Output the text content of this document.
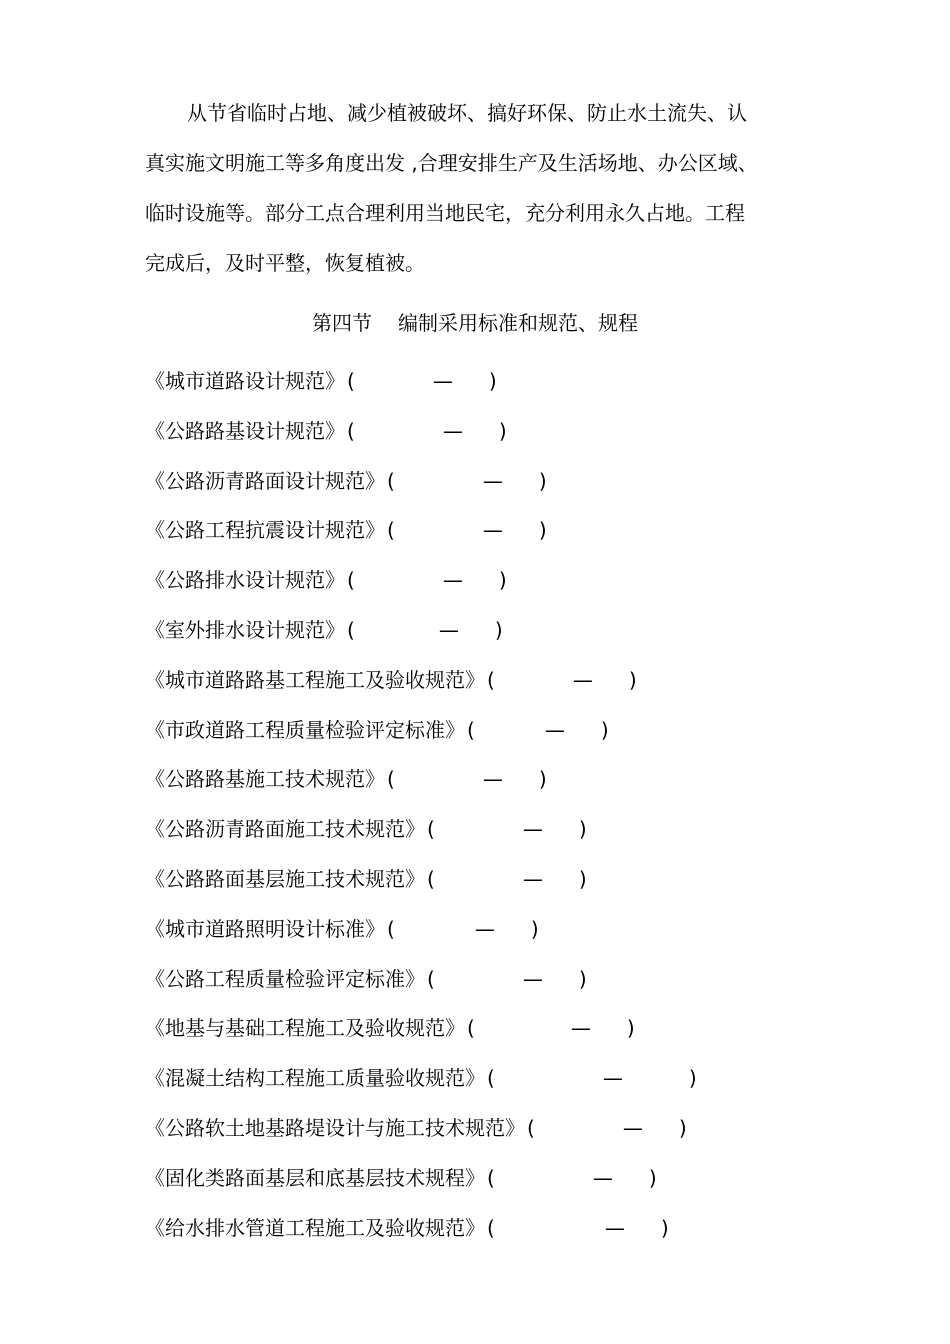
从节省临时占地、减少植被破坏、搞好环保、防止水土流失、认
真实施文明施工等多角度出发 ,合理安排生产及生活场地、办公区域、
临时设施等。部分工点合理利用当地民宅，充分利用永久占地。工程
完成后，及时平整，恢复植被。
第四节 编制采用标准和规范、规程
《城市道路设计规范》 (	— )
《公路路基设计规范》 (	— )
《公路沥青路面设计规范》 (	— )
《公路工程抗震设计规范》 (	— )
《公路排水设计规范》 (	— )
《室外排水设计规范》 (	— )
《城市道路路基工程施工及验收规范》 (	— )
《市政道路工程质量检验评定标准》 (	— )
《公路路基施工技术规范》 (	— )
《公路沥青路面施工技术规范》 (	— )
《公路路面基层施工技术规范》 (	— )
《城市道路照明设计标准》 (	— )
《公路工程质量检验评定标准》 (	— )
《地基与基础工程施工及验收规范》 (	— )
《混凝土结构工程施工质量验收规范》 (	—	)
《公路软土地基路堤设计与施工技术规范》 (	— )
《固化类路面基层和底基层技术规程》 (	— )
《给水排水管道工程施工及验收规范》 (	— )
